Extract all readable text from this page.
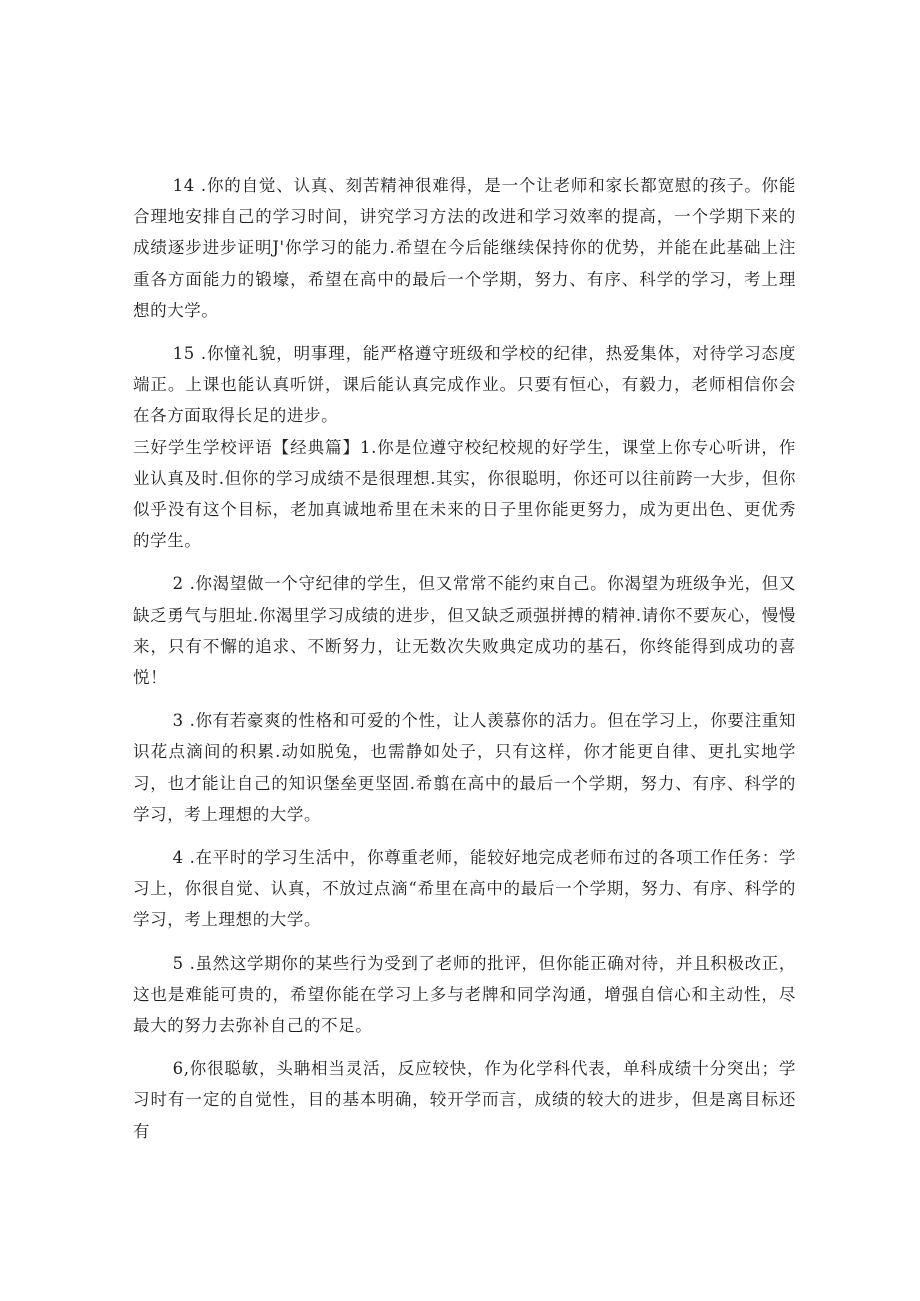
14 .你的自觉、认真、刻苦精神很难得，是一个让老师和家长都宽慰的孩子。你能合理地安排自己的学习时间，讲究学习方法的改进和学习效率的提高，一个学期下来的成绩逐步进步证明J'你学习的能力.希望在今后能继续保持你的优势，并能在此基础上注重各方面能力的锻壕，希望在高中的最后一个学期，努力、有序、科学的学习，考上理想的大学。

15 .你憧礼貌，明事理，能严格遵守班级和学校的纪律，热爱集体，对待学习态度端正。上课也能认真听饼，课后能认真完成作业。只要有恒心，有毅力，老师相信你会在各方面取得长足的进步。

三好学生学校评语【经典篇】1.你是位遵守校纪校规的好学生，课堂上你专心听讲，作业认真及时.但你的学习成绩不是很理想.其实，你很聪明，你还可以往前跨一大步，但你似乎没有这个目标，老加真诚地希里在未来的日子里你能更努力，成为更出色、更优秀的学生。

2 .你渴望做一个守纪律的学生，但又常常不能约束自己。你渴望为班级争光，但又缺乏勇气与胆址.你渴里学习成绩的进步，但又缺乏顽强拼搏的精神.请你不要灰心，慢慢来，只有不懈的追求、不断努力，让无数次失败典定成功的基石，你终能得到成功的喜悦！

3 .你有若豪爽的性格和可爱的个性，让人羡慕你的活力。但在学习上，你要注重知识花点滴间的积累.动如脱兔，也需静如处子，只有这样，你才能更自律、更扎实地学习，也才能让自己的知识堡垒更坚固.希翦在高中的最后一个学期，努力、有序、科学的学习，考上理想的大学。

4 .在平时的学习生活中，你尊重老师，能较好地完成老师布过的各项工作任务：学习上，你很自觉、认真，不放过点滴“希里在高中的最后一个学期，努力、有序、科学的学习，考上理想的大学。

5 .虽然这学期你的某些行为受到了老师的批评，但你能正确对待，并且积极改正，这也是难能可贵的，希望你能在学习上多与老牌和同学沟通，增强自信心和主动性，尽最大的努力去弥补自己的不足。

6,你很聪敏，头聃相当灵活，反应较快，作为化学科代表，单科成绩十分突出；学习时有一定的自觉性，目的基本明确，较开学而言，成绩的较大的进步，但是离目标还有
